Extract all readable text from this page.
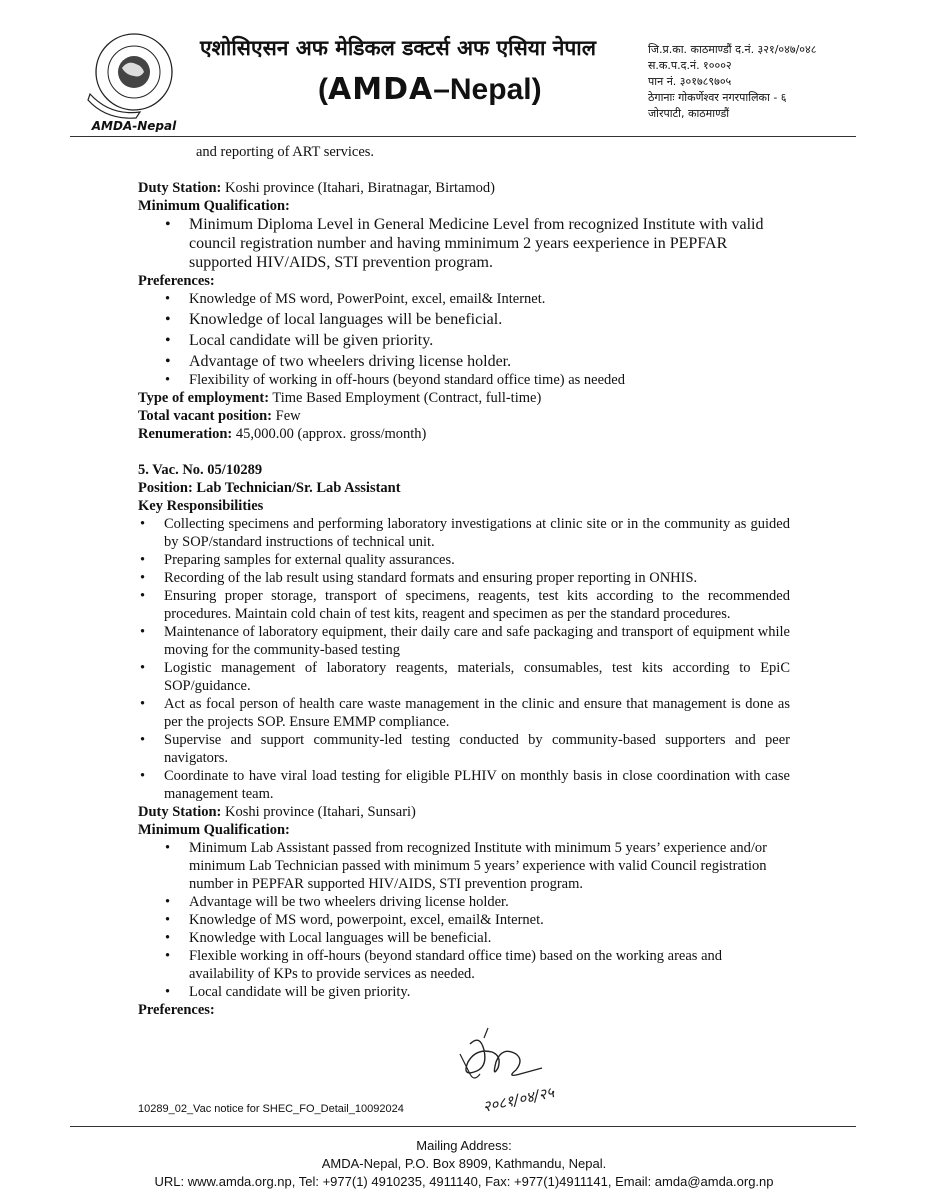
AMDA-Nepal
एशोसिएसन अफ मेडिकल डक्टर्स अफ एसिया नेपाल
(AMDA–Nepal)
जि.प्र.का. काठमाण्डौं द.नं. ३२१/०४७/०४८
स.क.प.द.नं. १०००२
पान नं. ३०१७८९७०५
ठेगानाः गोकर्णेश्वर नगरपालिका - ६
जोरपाटी, काठमाण्डौं

and reporting of ART services.

Duty Station: Koshi province (Itahari, Biratnagar, Birtamod)

Minimum Qualification:

• Minimum Diploma Level in General Medicine Level from recognized Institute with valid council registration number and having mminimum 2 years eexperience in PEPFAR supported HIV/AIDS, STI prevention program.

Preferences:

• Knowledge of MS word, PowerPoint, excel, email& Internet.
• Knowledge of local languages will be beneficial.
• Local candidate will be given priority.
• Advantage of two wheelers driving license holder.
• Flexibility of working in off-hours (beyond standard office time) as needed

Type of employment: Time Based Employment (Contract, full-time)

Total vacant position: Few

Renumeration: 45,000.00 (approx. gross/month)

5. Vac. No. 05/10289

Position: Lab Technician/Sr. Lab Assistant

Key Responsibilities

• Collecting specimens and performing laboratory investigations at clinic site or in the community as guided by SOP/standard instructions of technical unit.
• Preparing samples for external quality assurances.
• Recording of the lab result using standard formats and ensuring proper reporting in ONHIS.
• Ensuring proper storage, transport of specimens, reagents, test kits according to the recommended procedures. Maintain cold chain of test kits, reagent and specimen as per the standard procedures.
• Maintenance of laboratory equipment, their daily care and safe packaging and transport of equipment while moving for the community-based testing
• Logistic management of laboratory reagents, materials, consumables, test kits according to EpiC SOP/guidance.
• Act as focal person of health care waste management in the clinic and ensure that management is done as per the projects SOP. Ensure EMMP compliance.
• Supervise and support community-led testing conducted by community-based supporters and peer navigators.
• Coordinate to have viral load testing for eligible PLHIV on monthly basis in close coordination with case management team.

Duty Station: Koshi province (Itahari, Sunsari)

Minimum Qualification:

• Minimum Lab Assistant passed from recognized Institute with minimum 5 years’ experience and/or minimum Lab Technician passed with minimum 5 years’ experience with valid Council registration number in PEPFAR supported HIV/AIDS, STI prevention program.
• Advantage will be two wheelers driving license holder.
• Knowledge of MS word, powerpoint, excel, email& Internet.
• Knowledge with Local languages will be beneficial.
• Flexible working in off-hours (beyond standard office time) based on the working areas and availability of KPs to provide services as needed.
• Local candidate will be given priority.

Preferences:

२०८१/०४/२५
10289_02_Vac notice for SHEC_FO_Detail_10092024
Mailing Address:
AMDA-Nepal, P.O. Box 8909, Kathmandu, Nepal.
URL: www.amda.org.np, Tel: +977(1) 4910235, 4911140, Fax: +977(1)4911141, Email: amda@amda.org.np
